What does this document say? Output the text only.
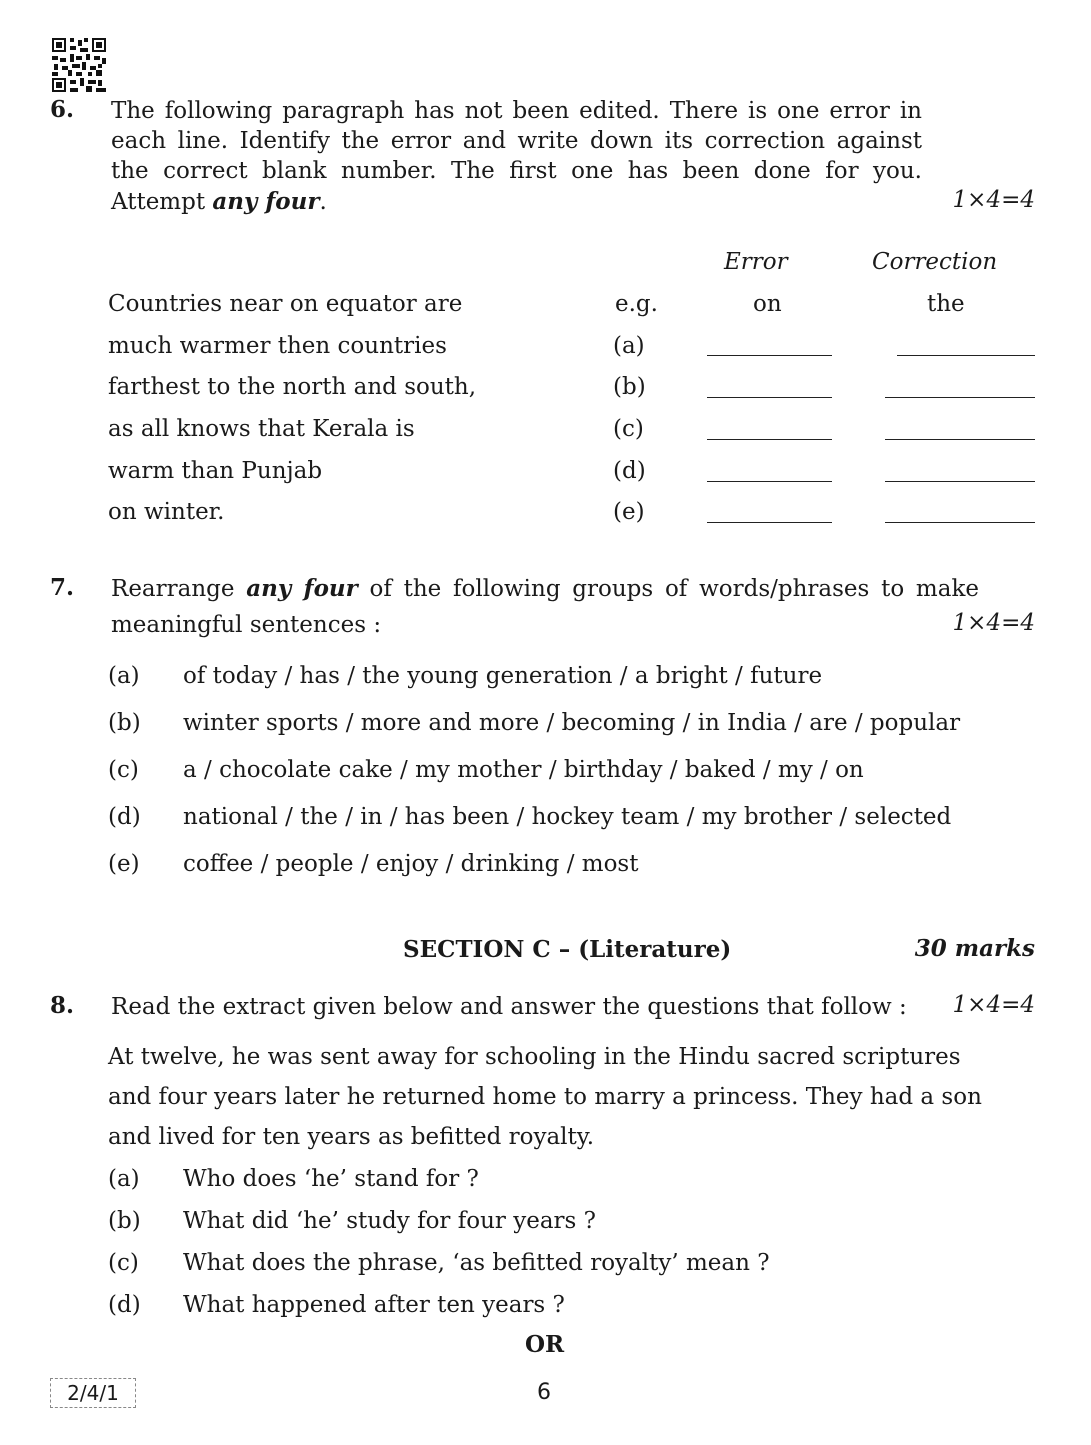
6. The following paragraph has not been edited. There is one error in
each line. Identify the error and write down its correction against
the correct blank number. The first one has been done for you.
Attempt any four.	1×4=4
Error	Correction
Countries near on equator are	e.g.	on	the
much warmer then countries	(a)
farthest to the north and south,	(b)
as all knows that Kerala is	(c)
warm than Punjab	(d)
on winter.	(e)
7. Rearrange any four of the following groups of words/phrases to make
meaningful sentences :	1×4=4
(a) of today / has / the young generation / a bright / future
(b) winter sports / more and more / becoming / in India / are / popular
(c) a / chocolate cake / my mother / birthday / baked / my / on
(d) national / the / in / has been / hockey team / my brother / selected
(e) coffee / people / enjoy / drinking / most
SECTION C – (Literature)	30 marks
8. Read the extract given below and answer the questions that follow : 1×4=4
At twelve, he was sent away for schooling in the Hindu sacred scriptures
and four years later he returned home to marry a princess. They had a son
and lived for ten years as befitted royalty.
(a) Who does ‘he’ stand for ?
(b) What did ‘he’ study for four years ?
(c) What does the phrase, ‘as befitted royalty’ mean ?
(d) What happened after ten years ?
OR
2/4/1	6
